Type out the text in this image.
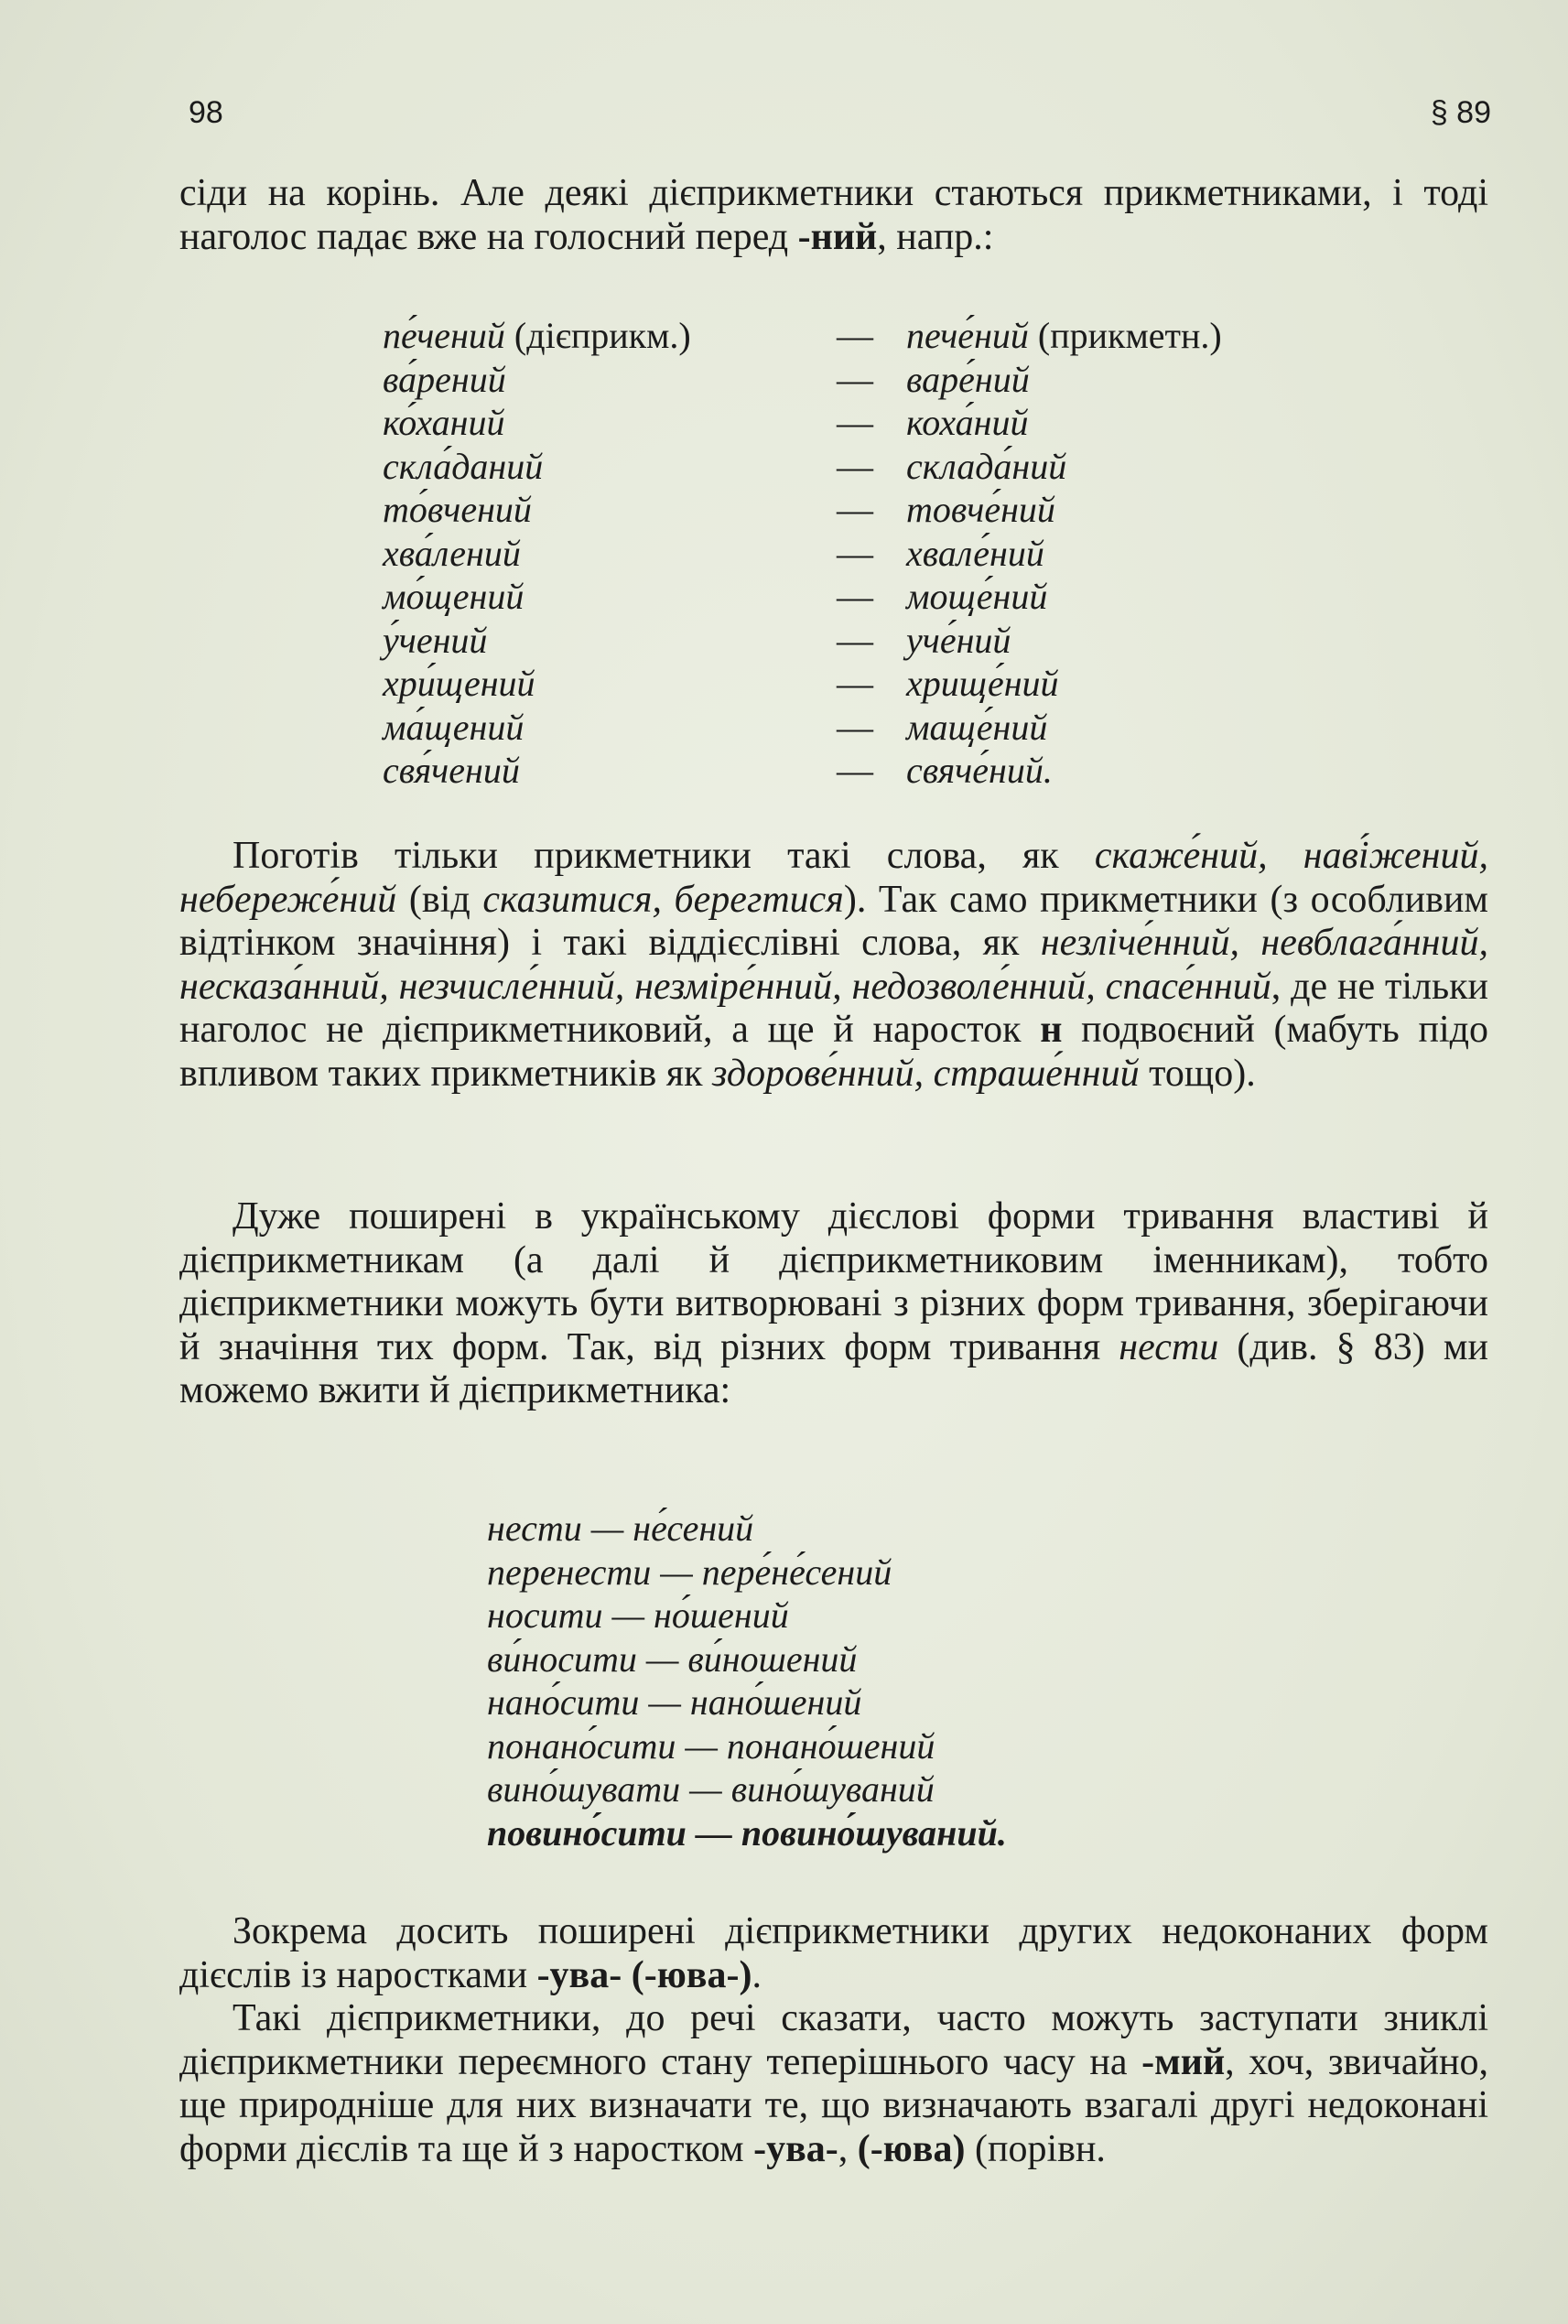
98	§ 89

сіди на корінь. Але деякі дієприкметники стаються прикметниками, і тоді наголос падає вже на голосний перед -ний, напр.:

пе́чений (дієприкм.)	— пече́ний (прикметн.)
ва́рений	— варе́ний
ко́ханий	— коха́ний
скла́даний	— склада́ний
то́вчений	— товче́ний
хва́лений	— хвале́ний
мо́щений	— моще́ний
у́чений	— уче́ний
хри́щений	— хрище́ний
ма́щений	— маще́ний
свя́чений	— свяче́ний.

Поготів тільки прикметники такі слова, як скаже́ний, наві́жений, небереже́ний (від сказитися, берегтися). Так само прикметники (з особливим відтінком значіння) і такі віддієслівні слова, як незліче́нний, невблага́нний, несказа́нний, незчисле́нний, незміре́нний, недозволе́нний, спасе́нний, де не тільки наголос не дієприкметниковий, а ще й наросток н подвоєний (мабуть підо впливом таких прикметників як здорове́нний, страше́нний тощо).

Дуже поширені в українському дієслові форми тривання властиві й дієприкметникам (а далі й дієприкметниковим іменникам), тобто дієприкметники можуть бути витворювані з різних форм тривання, зберігаючи й значіння тих форм. Так, від різних форм тривання нести (див. § 83) ми можемо вжити й дієприкметника:

нести — не́сений
перенести — пере́не́сений
носити — но́шений
ви́носити — ви́ношений
нано́сити — нано́шений
понано́сити — понано́шений
вино́шувати — вино́шуваний
повино́сити — повино́шуваний.

Зокрема досить поширені дієприкметники других недоконаних форм дієслів із наростками -ува- (-юва-).

Такі дієприкметники, до речі сказати, часто можуть заступати зниклі дієприкметники переємного стану теперішнього часу на -мий, хоч, звичайно, ще природніше для них визначати те, що визначають взагалі другі недоконані форми дієслів та ще й з наростком -ува-, (-юва) (порівн.
